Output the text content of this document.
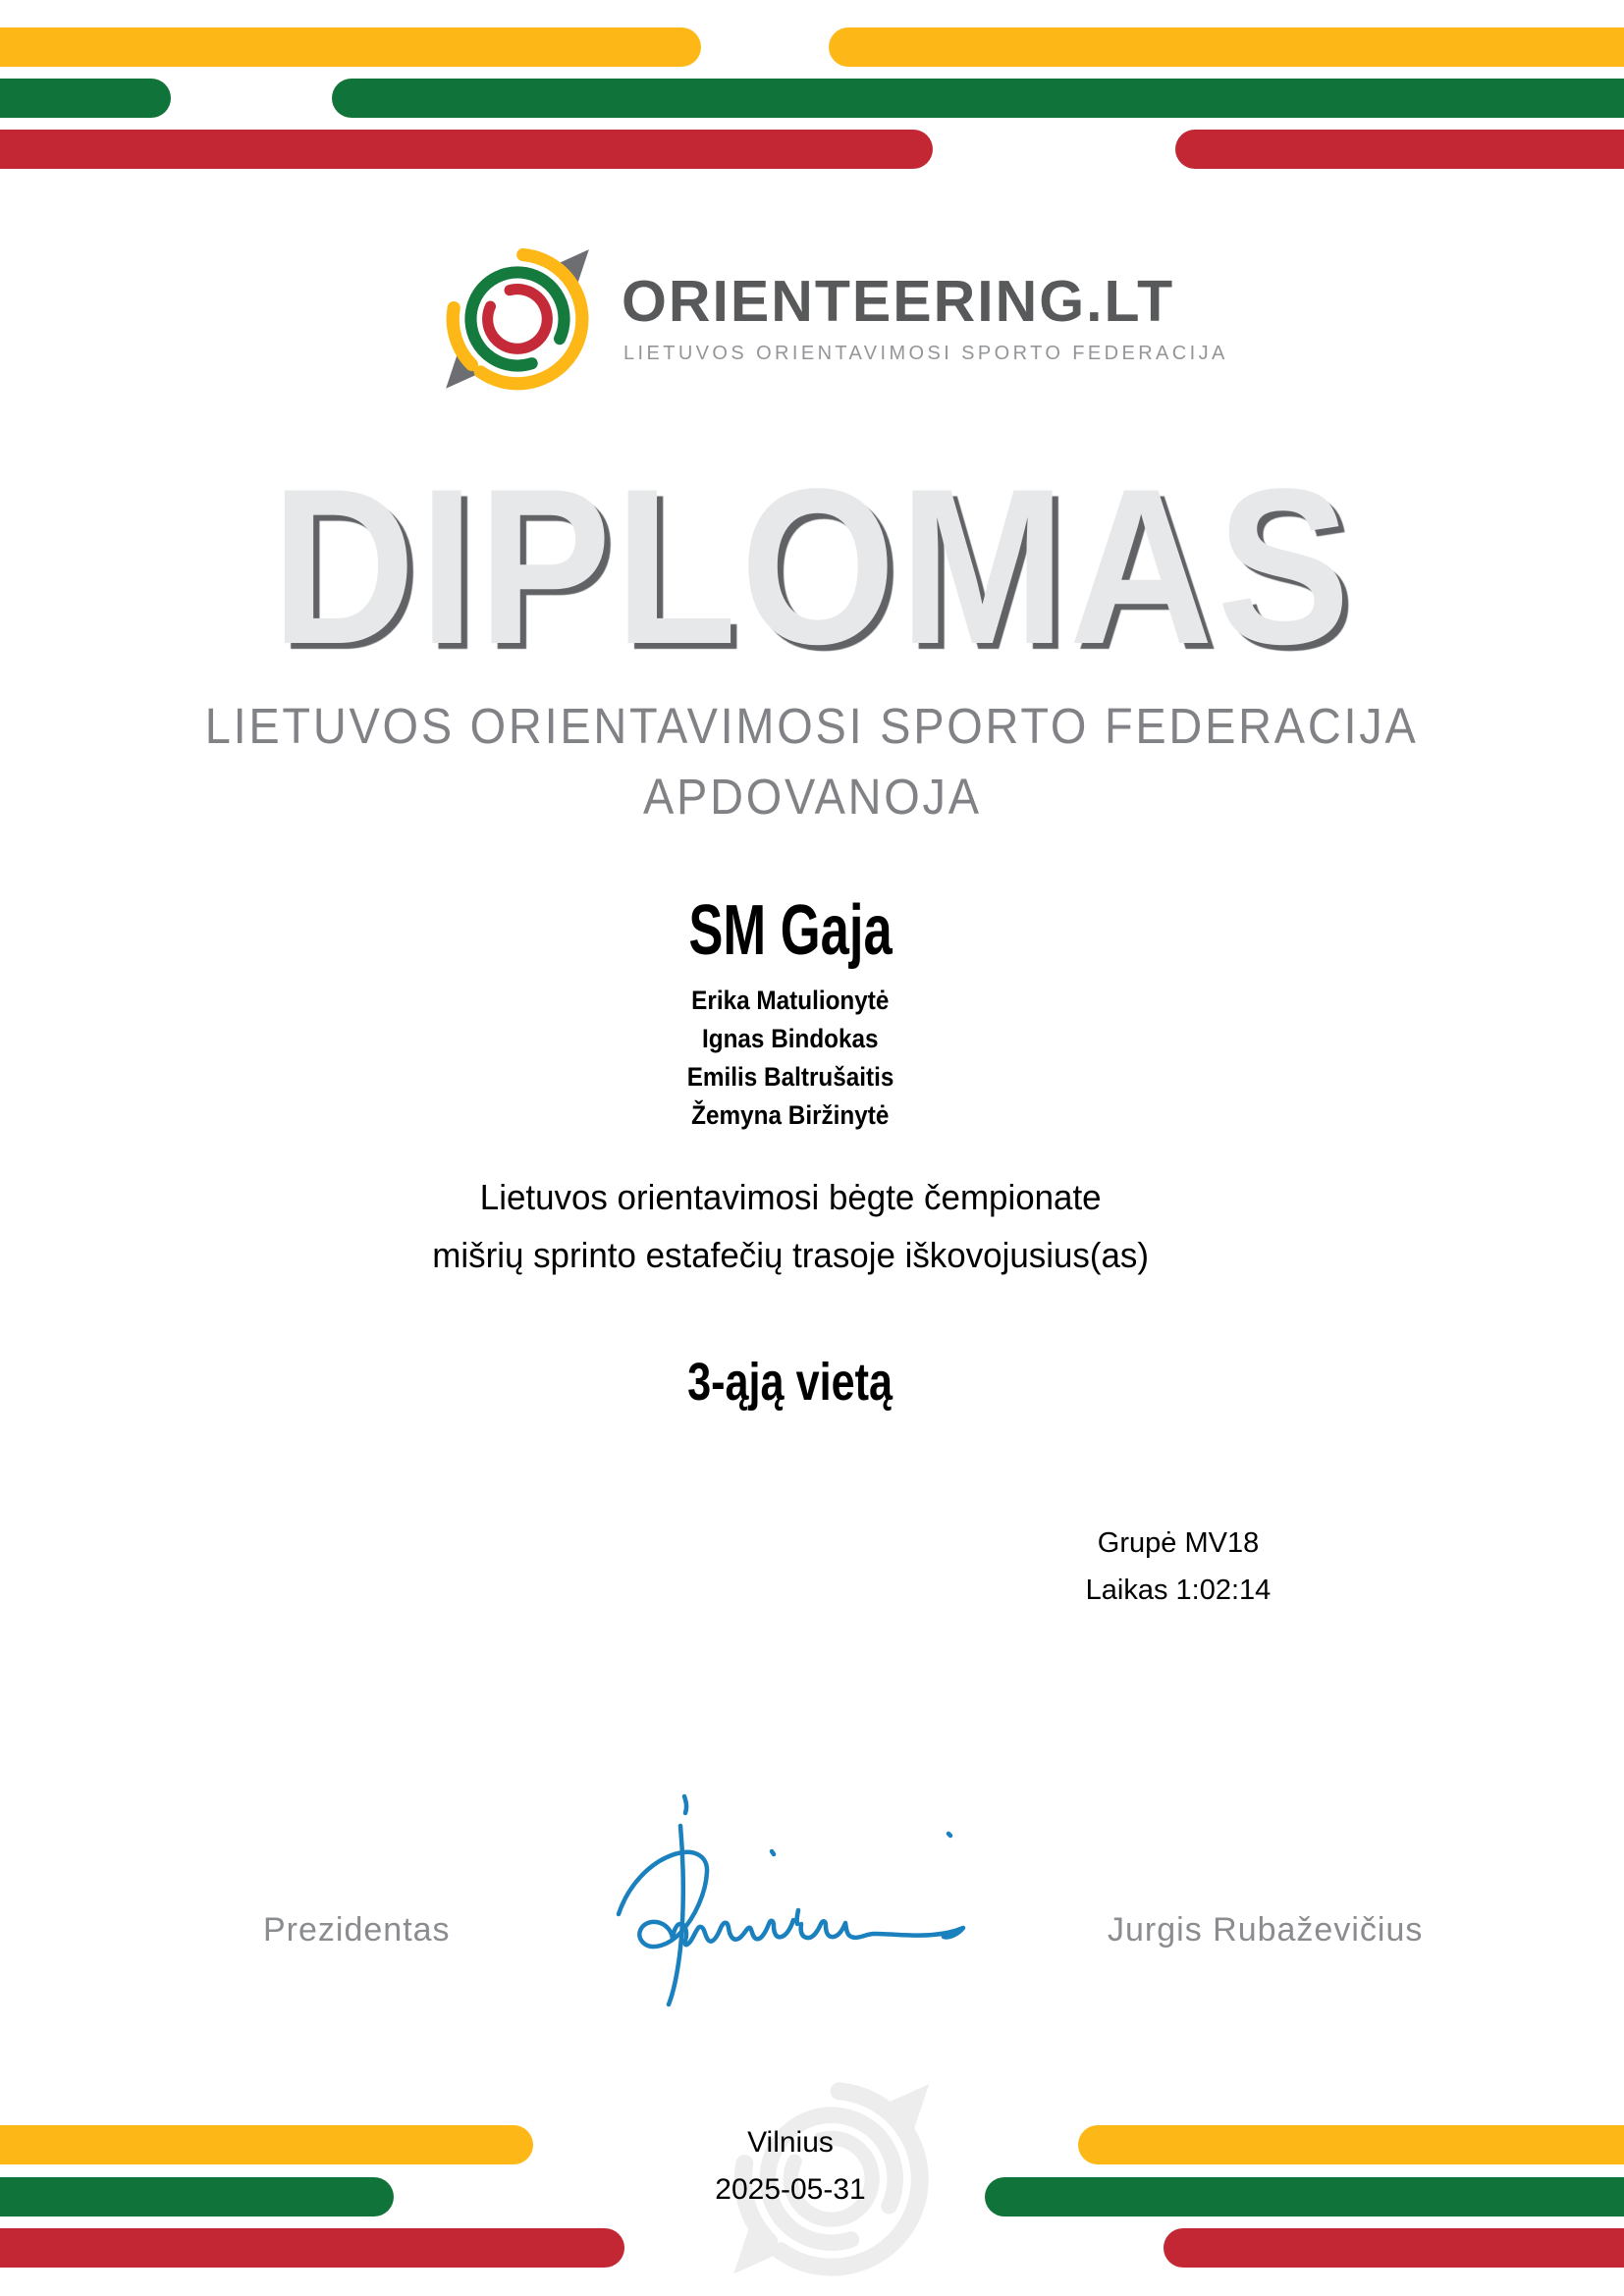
ORIENTEERING.LT
LIETUVOS ORIENTAVIMOSI SPORTO FEDERACIJA
DIPLOMAS
LIETUVOS ORIENTAVIMOSI SPORTO FEDERACIJA
APDOVANOJA
SM Gaja
Erika Matulionytė
Ignas Bindokas
Emilis Baltrušaitis
Žemyna Biržinytė
Lietuvos orientavimosi bėgte čempionate
mišrių sprinto estafečių trasoje iškovojusius(as)
3-ąją vietą
Grupė MV18
Laikas 1:02:14
Prezidentas	Jurgis Rubaževičius
Vilnius
2025-05-31
